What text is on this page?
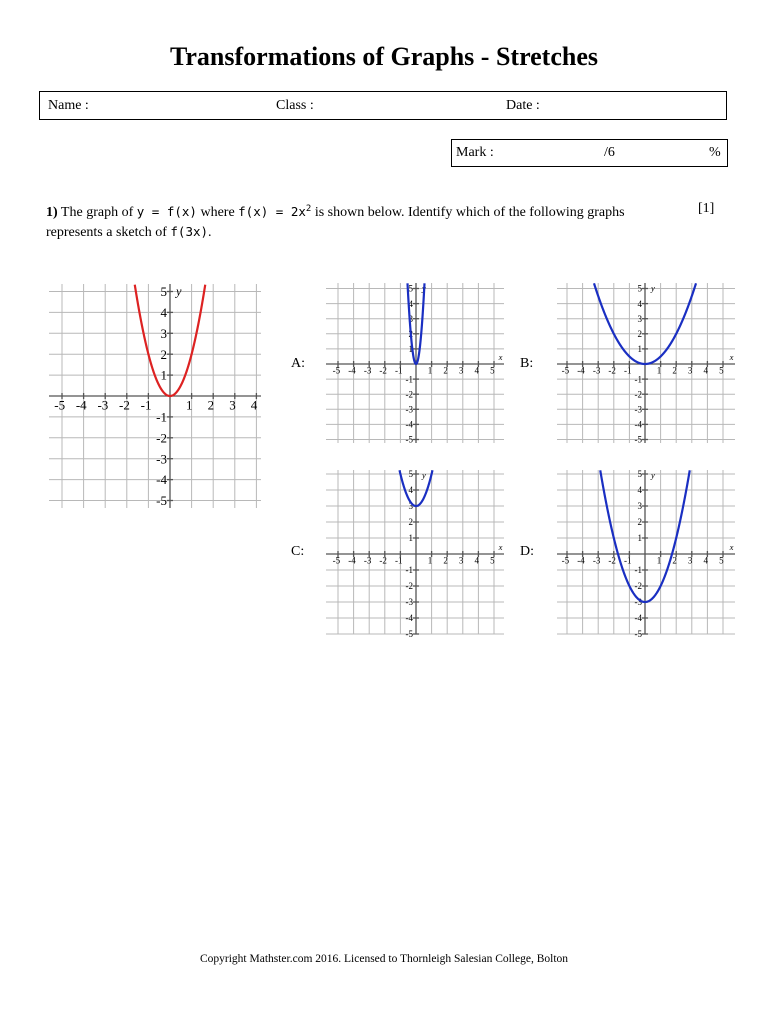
Transformations of Graphs - Stretches
Name :	Class :	Date :
Mark :	/6	%
1) The graph of y = f(x) where $f(x) = 2x^2$ is shown below. Identify which of the following graphs
represents a sketch of f(3x).
[1]
A:	B:
C:	D:
-5 -4 -3 -2 -1	1 2 3 4
-5
-4
-3
-2
-1
1
2
3
4
5 y
-5 -4 -3 -2 -1	1 2 3 4 5
-5
-4
-3
-2
-1
1
2
3
4
5 y
x
-5 -4 -3 -2 -1	1 2 3 4 5
-5
-4
-3
-2
-1
1
2
3
4
5 y
x
-5 -4 -3 -2 -1	1 2 3 4 5
-5
-4
-3
-2
-1
1
2
3
4
5 y
x
-5 -4 -3 -2 -1	1 2 3 4 5
-5
-4
-3
-2
-1
1
2
3
4
5 y
x
Copyright Mathster.com 2016. Licensed to Thornleigh Salesian College, Bolton
